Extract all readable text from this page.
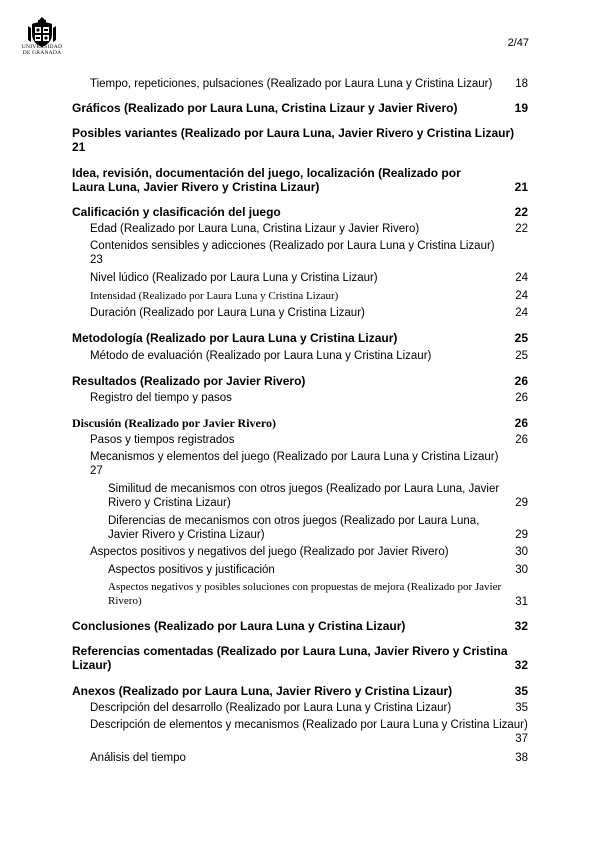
UNIVERSIDAD
DE GRANADA
2/47
Tiempo, repeticiones, pulsaciones (Realizado por Laura Luna y Cristina Lizaur) 18
Gráficos (Realizado por Laura Luna, Cristina Lizaur y Javier Rivero)	19
Posibles variantes (Realizado por Laura Luna, Javier Rivero y Cristina Lizaur)
21
Idea, revisión, documentación del juego, localización (Realizado por Laura Luna, Javier Rivero y Cristina Lizaur)	21
Calificación y clasificación del juego	22
Edad (Realizado por Laura Luna, Cristina Lizaur y Javier Rivero)	22
Contenidos sensibles y adicciones (Realizado por Laura Luna y Cristina Lizaur)
23
Nivel lúdico (Realizado por Laura Luna y Cristina Lizaur)	24
Intensidad (Realizado por Laura Luna y Cristina Lizaur)	24
Duración (Realizado por Laura Luna y Cristina Lizaur)	24
Metodología (Realizado por Laura Luna y Cristina Lizaur)	25
Método de evaluación (Realizado por Laura Luna y Cristina Lizaur)	25
Resultados (Realizado por Javier Rivero)	26
Registro del tiempo y pasos	26
Discusión (Realizado por Javier Rivero)	26
Pasos y tiempos registrados	26
Mecanismos y elementos del juego (Realizado por Laura Luna y Cristina Lizaur)
27
Similitud de mecanismos con otros juegos (Realizado por Laura Luna, Javier Rivero y Cristina Lizaur)	29
Diferencias de mecanismos con otros juegos (Realizado por Laura Luna, Javier Rivero y Cristina Lizaur)	29
Aspectos positivos y negativos del juego (Realizado por Javier Rivero)	30
Aspectos positivos y justificación	30
Aspectos negativos y posibles soluciones con propuestas de mejora (Realizado por Javier Rivero)	31
Conclusiones (Realizado por Laura Luna y Cristina Lizaur)	32
Referencias comentadas (Realizado por Laura Luna, Javier Rivero y Cristina Lizaur)	32
Anexos (Realizado por Laura Luna, Javier Rivero y Cristina Lizaur)	35
Descripción del desarrollo (Realizado por Laura Luna y Cristina Lizaur)	35
Descripción de elementos y mecanismos (Realizado por Laura Luna y Cristina Lizaur)
37
Análisis del tiempo	38
